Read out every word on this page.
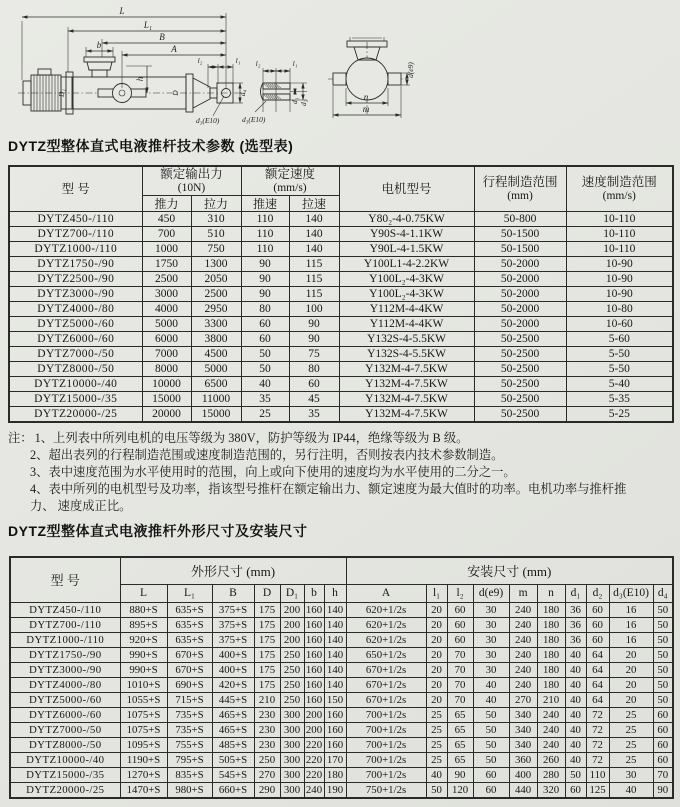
L
L₁
B
A
b
h
D₁	D
l₂	l₁
d₄
d₃(E10)
l₂	l₁
d₁ d₂
d₃(E10)
d(e9)
n
m
DYTZ型整体直式电液推杆技术参数 (选型表)
型 号	
额定输出力
(10N)

额定速度
(mm/s)	电机型号	行程制造范围
(mm)

速度制造范围
(mm/s)

	推力	拉力	推速	拉速			
DYTZ450-/110	450	310	110	140	Y80₂-4-0.75KW	50-800	10-110
DYTZ700-/110	700	510	110	140	Y90S-4-1.1KW	50-1500	10-110
DYTZ1000-/110	1000	750	110	140	Y90L-4-1.5KW	50-1500	10-110
DYTZ1750-/90	1750	1300	90	115	Y100L1-4-2.2KW	50-2000	10-90
DYTZ2500-/90	2500	2050	90	115	Y100L₂-4-3KW	50-2000	10-90
DYTZ3000-/90	3000	2500	90	115	Y100L₂-4-3KW	50-2000	10-90
DYTZ4000-/80	4000	2950	80	100	Y112M-4-4KW	50-2000	10-80
DYTZ5000-/60	5000	3300	60	90	Y112M-4-4KW	50-2000	10-60
DYTZ6000-/60	6000	3800	60	90	Y132S-4-5.5KW	50-2500	5-60
DYTZ7000-/50	7000	4500	50	75	Y132S-4-5.5KW	50-2500	5-50
DYTZ8000-/50	8000	5000	50	80	Y132M-4-7.5KW	50-2500	5-50
DYTZ10000-/40	10000	6500	40	60	Y132M-4-7.5KW	50-2500	5-40
DYTZ15000-/35	15000	11000	35	45	Y132M-4-7.5KW	50-2500	5-35
DYTZ20000-/25	20000	15000	25	35	Y132M-4-7.5KW	50-2500	5-25
注： 1、上列表中所列电机的电压等级为 380V，防护等级为 IP44，绝缘等级为 B 级。
2、超出表列的行程制造范围或速度制造范围的，另行注明，否则按表内技术参数制造。
3、表中速度范围为水平使用时的范围，向上或向下使用的速度均为水平使用的二分之一。
4、表中所列的电机型号及功率，指该型号推杆在额定输出力、额定速度为最大值时的功率。电机功率与推杆推
力、 速度成正比。
DYTZ型整体直式电液推杆外形尺寸及安装尺寸
型 号	外形尺寸 (mm)							安装尺寸 (mm)									
	L	L₁	B	D	D₁	b	h	A	l₁	l₂	d(e9)	m	n	d₁	d₂	d₃(E10)	d₄
DYTZ450-/110	880+S	635+S	375+S	175	200	160	140	620+1/2s	20	60	30	240	180	36	60	16	50
DYTZ700-/110	895+S	635+S	375+S	175	200	160	140	620+1/2s	20	60	30	240	180	36	60	16	50
DYTZ1000-/110	920+S	635+S	375+S	175	200	160	140	620+1/2s	20	60	30	240	180	36	60	16	50
DYTZ1750-/90	990+S	670+S	400+S	175	250	160	140	650+1/2s	20	70	30	240	180	40	64	20	50
DYTZ3000-/90	990+S	670+S	400+S	175	250	160	140	670+1/2s	20	70	30	240	180	40	64	20	50
DYTZ4000-/80	1010+S	690+S	420+S	175	250	160	140	670+1/2s	20	70	40	240	180	40	64	20	50
DYTZ5000-/60	1055+S	715+S	445+S	210	250	160	150	670+1/2s	20	70	40	270	210	40	64	20	50
DYTZ6000-/60	1075+S	735+S	465+S	230	300	200	160	700+1/2s	25	65	50	340	240	40	72	25	60
DYTZ7000-/50	1075+S	735+S	465+S	230	300	200	160	700+1/2s	25	65	50	340	240	40	72	25	60
DYTZ8000-/50	1095+S	755+S	485+S	230	300	220	160	700+1/2s	25	65	50	340	240	40	72	25	60
DYTZ10000-/40	1190+S	795+S	505+S	250	300	220	170	700+1/2s	25	65	50	360	260	40	72	25	60
DYTZ15000-/35	1270+S	835+S	545+S	270	300	220	180	700+1/2s	40	90	60	400	280	50	110	30	70
DYTZ20000-/25	1470+S	980+S	660+S	290	300	240	190	750+1/2s	50	120	60	440	320	60	125	40	90
